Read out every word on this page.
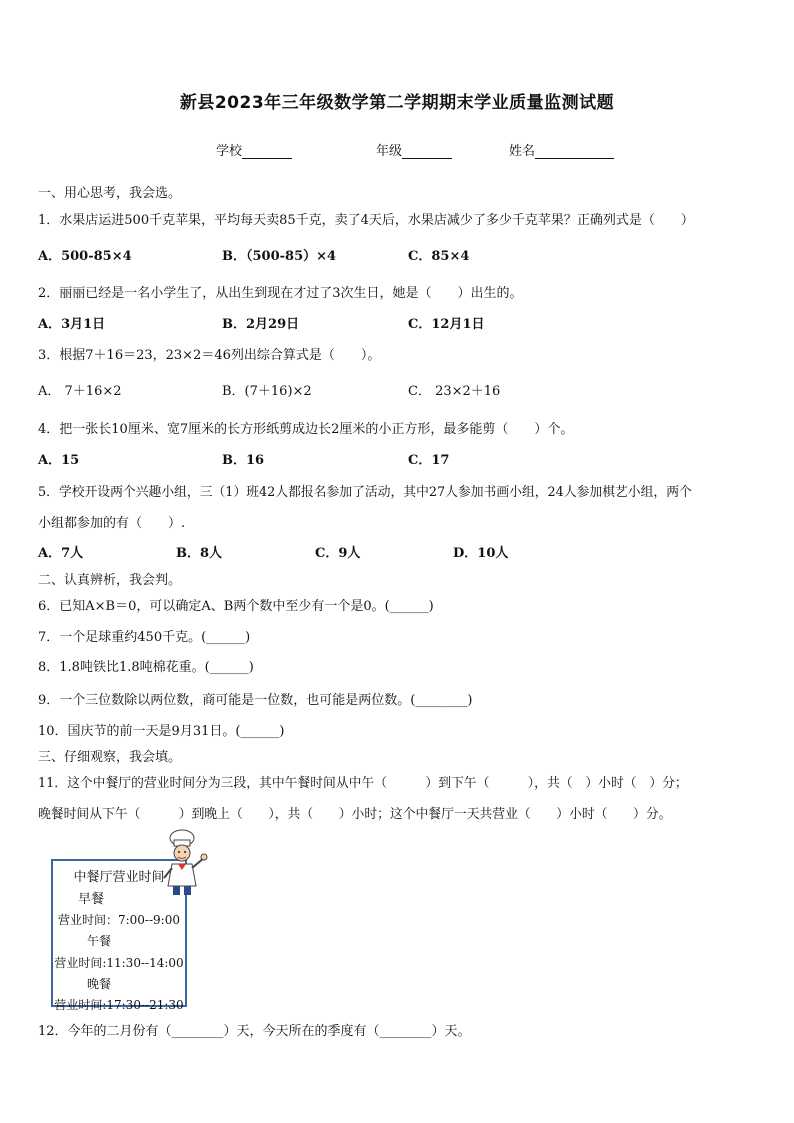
新县2023年三年级数学第二学期期末学业质量监测试题
学校	年级	姓名
一、用心思考，我会选。
1．水果店运进500千克苹果，平均每天卖85千克，卖了4天后，水果店减少了多少千克苹果？正确列式是（　　）
A．500-85×4	B．（500-85）×4	C．85×4
2．丽丽已经是一名小学生了，从出生到现在才过了3次生日，她是（　　）出生的。
A．3月1日	B．2月29日	C．12月1日
3．根据7＋16＝23，23×2＝46列出综合算式是（　　）。
A． 7＋16×2	B．(7＋16)×2	C． 23×2＋16
4．把一张长10厘米、宽7厘米的长方形纸剪成边长2厘米的小正方形，最多能剪（　　）个。
A．15	B．16	C．17
5．学校开设两个兴趣小组，三（1）班42人都报名参加了活动，其中27人参加书画小组，24人参加棋艺小组，两个
小组都参加的有（　　）.
A．7人	B．8人	C．9人	D．10人
二、认真辨析，我会判。
6．已知A×B＝0，可以确定A、B两个数中至少有一个是0。(______)
7．一个足球重约450千克。(______)
8．1.8吨铁比1.8吨棉花重。(______)
9．一个三位数除以两位数，商可能是一位数，也可能是两位数。(________)
10．国庆节的前一天是9月31日。(______)
三、仔细观察，我会填。
11．这个中餐厅的营业时间分为三段，其中午餐时间从中午（　　　）到下午（　　　），共（　）小时（　）分；
晚餐时间从下午（　　　）到晚上（　　），共（　　）小时；这个中餐厅一天共营业（　　）小时（　　）分。
中餐厅营业时间
早餐
营业时间：7:00--9:00
午餐
营业时间:11:30--14:00
晚餐
营业时间:17:30--21:30
12．今年的二月份有（________）天，今天所在的季度有（________）天。
